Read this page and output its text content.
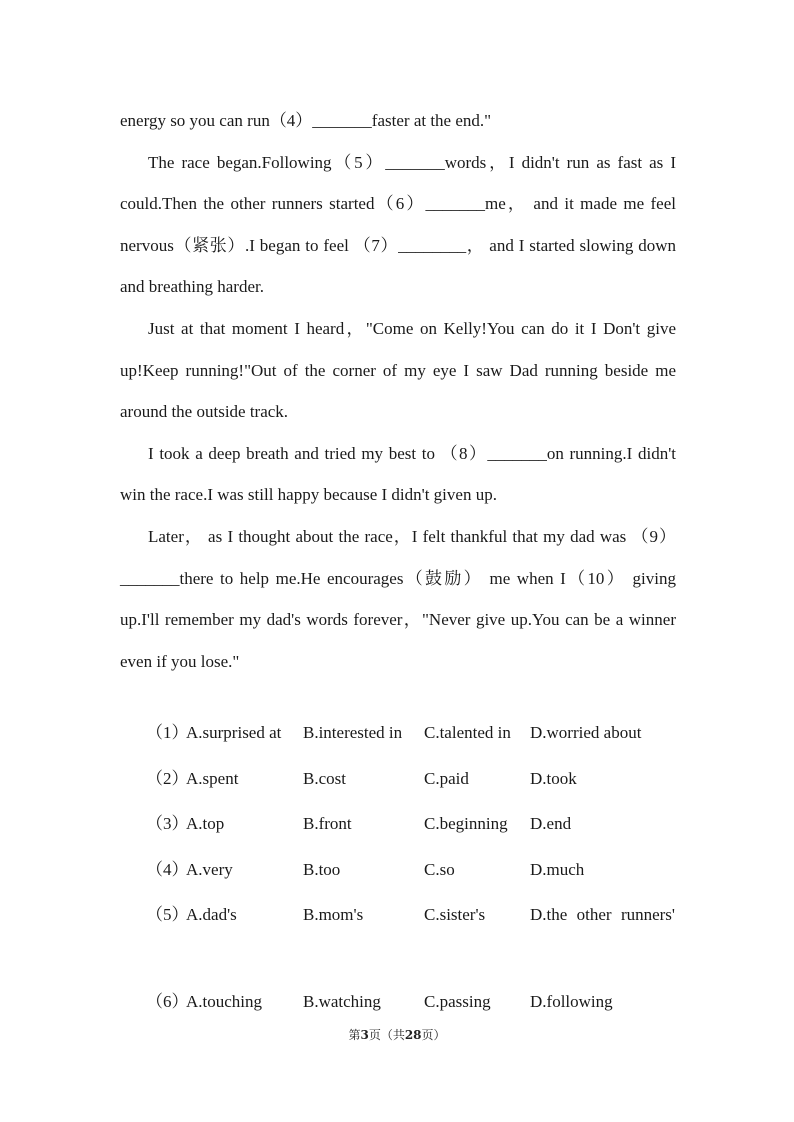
energy so you can run（4）_______faster at the end."

The race began.Following（5）_______words，I didn't run as fast as I could.Then the other runners started（6）_______me， and it made me feel nervous（紧张）.I began to feel （7）________， and I started slowing down and breathing harder.

Just at that moment I heard，"Come on Kelly!You can do it I Don't give up!Keep running!"Out of the corner of my eye I saw Dad running beside me around the outside track.

I took a deep breath and tried my best to （8）_______on running.I didn't win the race.I was still happy because I didn't given up.

Later， as I thought about the race，I felt thankful that my dad was （9）_______there to help me.He encourages（鼓励） me when I（10） giving up.I'll remember my dad's words forever，"Never give up.You can be a winner even if you lose."

（1）
A.surprised at	B.interested in	C.talented in	D.worried about
（2）
A.spent	B.cost	C.paid	D.took
（3）
A.top	B.front	C.beginning	D.end
（4）
A.very	B.too	C.so	D.much
（5）
A.dad's	B.mom's	C.sister's	D.the other runners'
（6）
A.touching	B.watching	C.passing	D.following
第3页（共28页）
